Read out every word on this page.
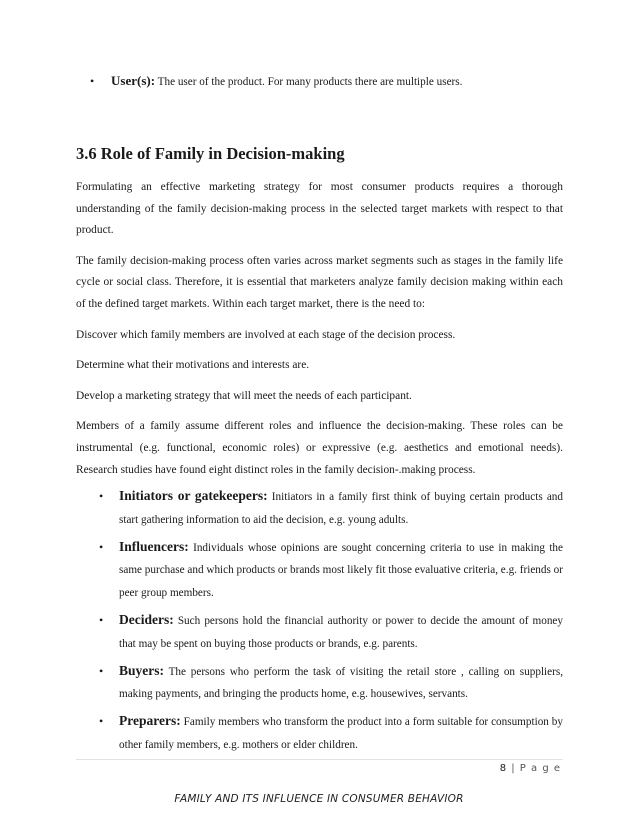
• User(s): The user of the product. For many products there are multiple users.
3.6 Role of Family in Decision-making

Formulating an effective marketing strategy for most consumer products requires a thorough understanding of the family decision-making process in the selected target markets with respect to that product.

The family decision-making process often varies across market segments such as stages in the family life cycle or social class. Therefore, it is essential that marketers analyze family decision making within each of the defined target markets. Within each target market, there is the need to:

Discover which family members are involved at each stage of the decision process.

Determine what their motivations and interests are.

Develop a marketing strategy that will meet the needs of each participant.

Members of a family assume different roles and influence the decision-making. These roles can be instrumental (e.g. functional, economic roles) or expressive (e.g. aesthetics and emotional needs). Research studies have found eight distinct roles in the family decision-.making process.

• Initiators or gatekeepers: Initiators in a family first think of buying certain products and start gathering information to aid the decision, e.g. young adults.
• Influencers: Individuals whose opinions are sought concerning criteria to use in making the same purchase and which products or brands most likely fit those evaluative criteria, e.g. friends or peer group members.
• Deciders: Such persons hold the financial authority or power to decide the amount of money that may be spent on buying those products or brands, e.g. parents.
• Buyers: The persons who perform the task of visiting the retail store , calling on suppliers, making payments, and bringing the products home, e.g. housewives, servants.
• Preparers: Family members who transform the product into a form suitable for consumption by other family members, e.g. mothers or elder children.
8 | P a g e
FAMILY AND ITS INFLUENCE IN CONSUMER BEHAVIOR
